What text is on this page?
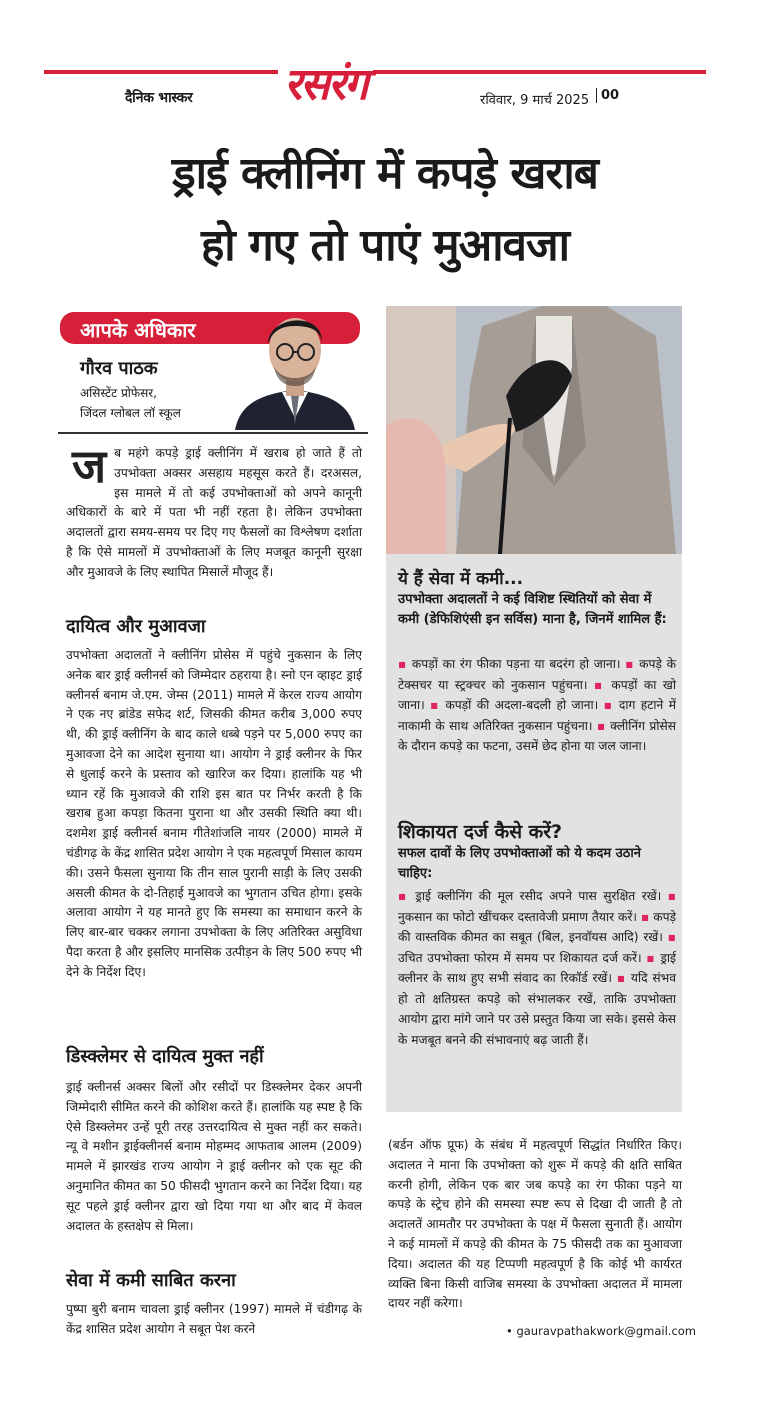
दैनिक भास्कर रसरंग	रविवार, 9 मार्च 2025 00
ड्राई क्लीनिंग में कपड़े खराब
हो गए तो पाएं मुआवजा
आपके अधिकार
गौरव पाठक
असिस्टेंट प्रोफेसर,
जिंदल ग्लोबल लॉ स्कूल
ज ब महंगे कपड़े ड्राई क्लीनिंग में खराब हो जाते हैं तो उपभोक्ता अक्सर असहाय महसूस करते हैं। दरअसल, इस मामले में तो कई उपभोक्ताओं को अपने कानूनी अधिकारों के बारे में पता भी नहीं रहता है। लेकिन उपभोक्ता अदालतों द्वारा समय-समय पर दिए गए फैसलों का विश्लेषण दर्शाता है कि ऐसे मामलों में उपभोक्ताओं के लिए मजबूत कानूनी सुरक्षा और मुआवजे के लिए स्थापित मिसालें मौजूद हैं।
दायित्व और मुआवजा
उपभोक्ता अदालतों ने क्लीनिंग प्रोसेस में पहुंचे नुकसान के लिए अनेक बार ड्राई क्लीनर्स को जिम्मेदार ठहराया है। स्नो एन व्हाइट ड्राई क्लीनर्स बनाम जे.एम. जेम्स (2011) मामले में केरल राज्य आयोग ने एक नए ब्रांडेड सफेद शर्ट, जिसकी कीमत करीब 3,000 रुपए थी, की ड्राई क्लीनिंग के बाद काले धब्बे पड़ने पर 5,000 रुपए का मुआवजा देने का आदेश सुनाया था। आयोग ने ड्राई क्लीनर के फिर से धुलाई करने के प्रस्ताव को खारिज कर दिया। हालांकि यह भी ध्यान रहें कि मुआवजे की राशि इस बात पर निर्भर करती है कि खराब हुआ कपड़ा कितना पुराना था और उसकी स्थिति क्या थी। दशमेश ड्राई क्लीनर्स बनाम गीतेशांजलि नायर (2000) मामले में चंडीगढ़ के केंद्र शासित प्रदेश आयोग ने एक महत्वपूर्ण मिसाल कायम की। उसने फैसला सुनाया कि तीन साल पुरानी साड़ी के लिए उसकी असली कीमत के दो-तिहाई मुआवजे का भुगतान उचित होगा। इसके अलावा आयोग ने यह मानते हुए कि समस्या का समाधान करने के लिए बार-बार चक्कर लगाना उपभोक्ता के लिए अतिरिक्त असुविधा पैदा करता है और इसलिए मानसिक उत्पीड़न के लिए 500 रुपए भी देने के निर्देश दिए।
डिस्क्लेमर से दायित्व मुक्त नहीं
ड्राई क्लीनर्स अक्सर बिलों और रसीदों पर डिस्क्लेमर देकर अपनी जिम्मेदारी सीमित करने की कोशिश करते हैं। हालांकि यह स्पष्ट है कि ऐसे डिस्क्लेमर उन्हें पूरी तरह उत्तरदायित्व से मुक्त नहीं कर सकते। न्यू वे मशीन ड्राईक्लीनर्स बनाम मोहम्मद आफताब आलम (2009) मामले में झारखंड राज्य आयोग ने ड्राई क्लीनर को एक सूट की अनुमानित कीमत का 50 फीसदी भुगतान करने का निर्देश दिया। यह सूट पहले ड्राई क्लीनर द्वारा खो दिया गया था और बाद में केवल अदालत के हस्तक्षेप से मिला।
सेवा में कमी साबित करना
पुष्पा बुरी बनाम चावला ड्राई क्लीनर (1997) मामले में चंडीगढ़ के केंद्र शासित प्रदेश आयोग ने सबूत पेश करने
ये हैं सेवा में कमी...
उपभोक्ता अदालतों ने कई विशिष्ट स्थितियों को सेवा में कमी (डेफिशिएंसी इन सर्विस) माना है, जिनमें शामिल हैं:
▪ कपड़ों का रंग फीका पड़ना या बदरंग हो जाना। ▪ कपड़े के टेक्सचर या स्ट्रक्चर को नुकसान पहुंचना। ▪ कपड़ों का खो जाना। ▪ कपड़ों की अदला-बदली हो जाना। ▪ दाग हटाने में नाकामी के साथ अतिरिक्त नुकसान पहुंचना। ▪ क्लीनिंग प्रोसेस के दौरान कपड़े का फटना, उसमें छेद होना या जल जाना।
शिकायत दर्ज कैसे करें?
सफल दावों के लिए उपभोक्ताओं को ये कदम उठाने चाहिए:
▪ ड्राई क्लीनिंग की मूल रसीद अपने पास सुरक्षित रखें। ▪ नुकसान का फोटो खींचकर दस्तावेजी प्रमाण तैयार करें। ▪ कपड़े की वास्तविक कीमत का सबूत (बिल, इनवॉयस आदि) रखें। ▪ उचित उपभोक्ता फोरम में समय पर शिकायत दर्ज करें। ▪ ड्राई क्लीनर के साथ हुए सभी संवाद का रिकॉर्ड रखें। ▪ यदि संभव हो तो क्षतिग्रस्त कपड़े को संभालकर रखें, ताकि उपभोक्ता आयोग द्वारा मांगे जाने पर उसे प्रस्तुत किया जा सके। इससे केस के मजबूत बनने की संभावनाएं बढ़ जाती हैं।
(बर्डन ऑफ प्रूफ) के संबंध में महत्वपूर्ण सिद्धांत निर्धारित किए। अदालत ने माना कि उपभोक्ता को शुरू में कपड़े की क्षति साबित करनी होगी, लेकिन एक बार जब कपड़े का रंग फीका पड़ने या कपड़े के स्ट्रेच होने की समस्या स्पष्ट रूप से दिखा दी जाती है तो अदालतें आमतौर पर उपभोक्ता के पक्ष में फैसला सुनाती हैं। आयोग ने कई मामलों में कपड़े की कीमत के 75 फीसदी तक का मुआवजा दिया। अदालत की यह टिप्पणी महत्वपूर्ण है कि कोई भी कार्यरत व्यक्ति बिना किसी वाजिब समस्या के उपभोक्ता अदालत में मामला दायर नहीं करेगा।
• gauravpathakwork@gmail.com
